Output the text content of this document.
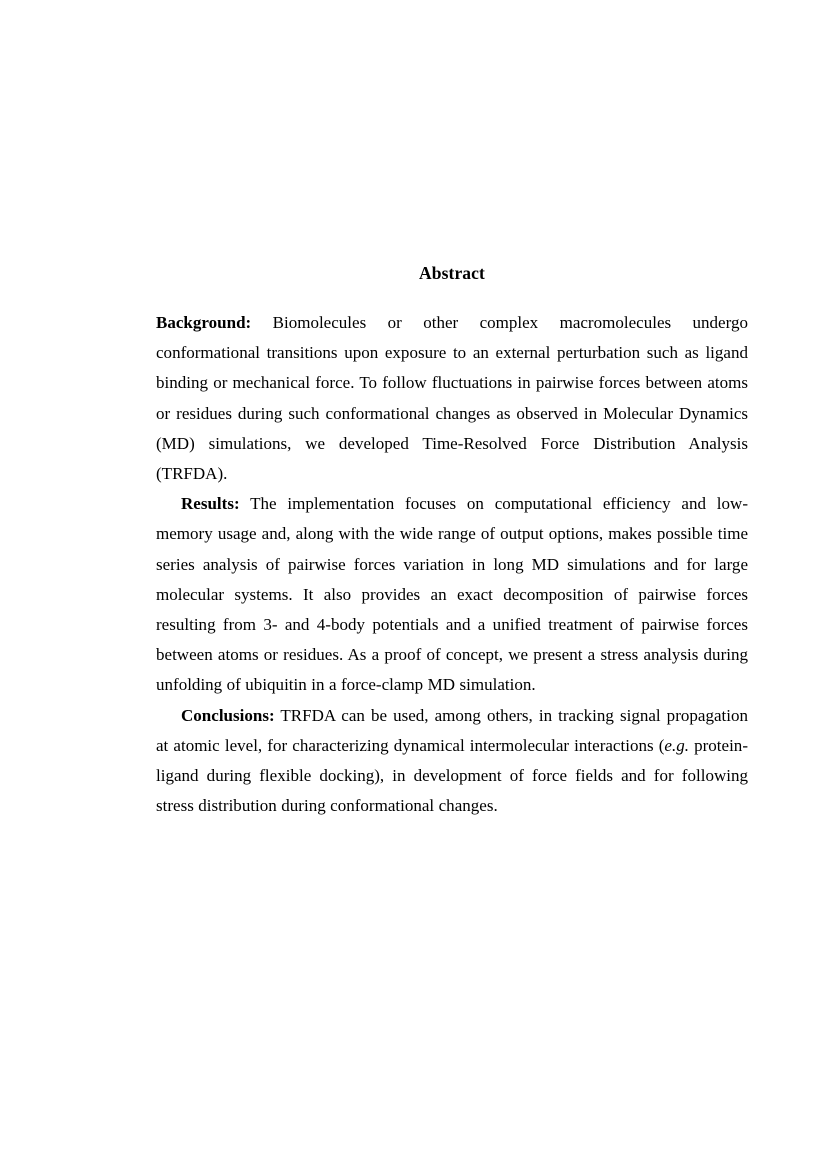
Abstract

Background: Biomolecules or other complex macromolecules undergo conformational transitions upon exposure to an external perturbation such as ligand binding or mechanical force. To follow fluctuations in pairwise forces between atoms or residues during such conformational changes as observed in Molecular Dynamics (MD) simulations, we developed Time-Resolved Force Distribution Analysis (TRFDA).

Results: The implementation focuses on computational efficiency and low-memory usage and, along with the wide range of output options, makes possible time series analysis of pairwise forces variation in long MD simulations and for large molecular systems. It also provides an exact decomposition of pairwise forces resulting from 3- and 4-body potentials and a unified treatment of pairwise forces between atoms or residues. As a proof of concept, we present a stress analysis during unfolding of ubiquitin in a force-clamp MD simulation.

Conclusions: TRFDA can be used, among others, in tracking signal propagation at atomic level, for characterizing dynamical intermolecular interactions (e.g. protein-ligand during flexible docking), in development of force fields and for following stress distribution during conformational changes.
